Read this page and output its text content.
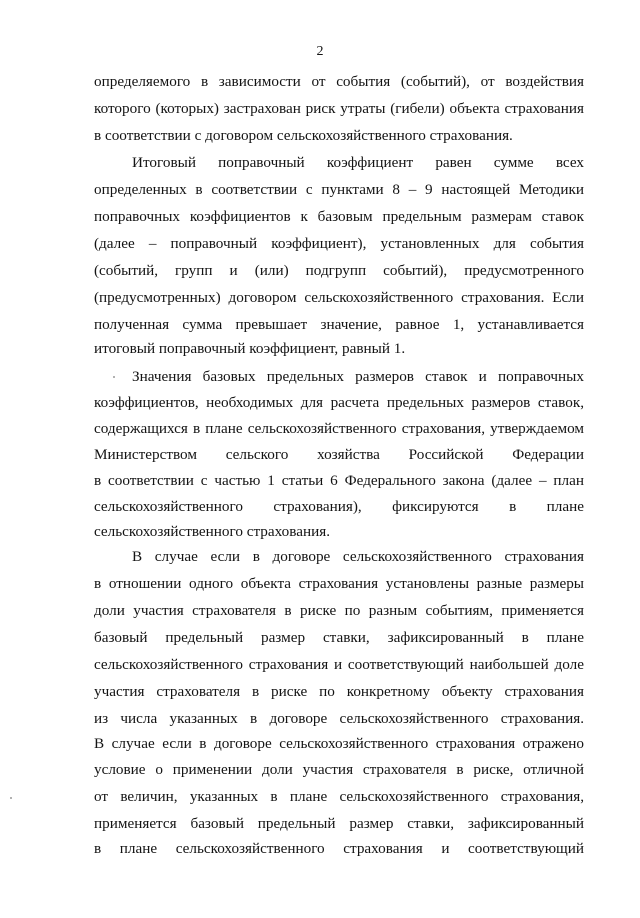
2
определяемого в зависимости от события (событий), от воздействия
которого (которых) застрахован риск утраты (гибели) объекта страхования
в соответствии с договором сельскохозяйственного страхования.
Итоговый поправочный коэффициент равен сумме всех
определенных в соответствии с пунктами 8 – 9 настоящей Методики
поправочных коэффициентов к базовым предельным размерам ставок
(далее – поправочный коэффициент), установленных для события
(событий, групп и (или) подгрупп событий), предусмотренного
(предусмотренных) договором сельскохозяйственного страхования. Если
полученная сумма превышает значение, равное 1, устанавливается
итоговый поправочный коэффициент, равный 1.
Значения базовых предельных размеров ставок и поправочных
коэффициентов, необходимых для расчета предельных размеров ставок,
содержащихся в плане сельскохозяйственного страхования, утверждаемом
Министерством сельского хозяйства Российской Федерации
в соответствии с частью 1 статьи 6 Федерального закона (далее – план
сельскохозяйственного страхования), фиксируются в плане
сельскохозяйственного страхования.
В случае если в договоре сельскохозяйственного страхования
в отношении одного объекта страхования установлены разные размеры
доли участия страхователя в риске по разным событиям, применяется
базовый предельный размер ставки, зафиксированный в плане
сельскохозяйственного страхования и соответствующий наибольшей доле
участия страхователя в риске по конкретному объекту страхования
из числа указанных в договоре сельскохозяйственного страхования.
В случае если в договоре сельскохозяйственного страхования отражено
условие о применении доли участия страхователя в риске, отличной
от величин, указанных в плане сельскохозяйственного страхования,
применяется базовый предельный размер ставки, зафиксированный
в плане сельскохозяйственного страхования и соответствующий
